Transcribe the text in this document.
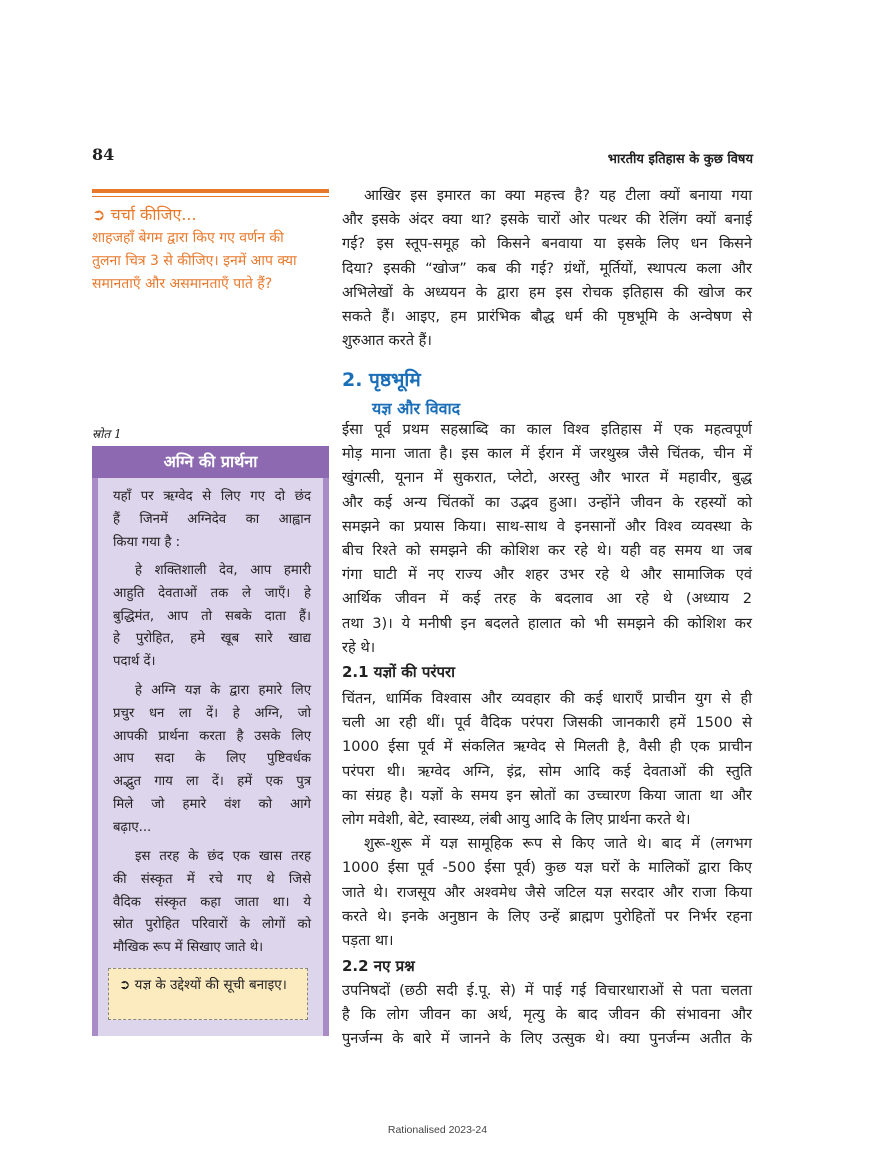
84	भारतीय इतिहास के कुछ विषय
➲ चर्चा कीजिए...
शाहजहाँ बेगम द्वारा किए गए वर्णन की
तुलना चित्र 3 से कीजिए। इनमें आप क्या
समानताएँ और असमानताएँ पाते हैं?
आखिर इस इमारत का क्या महत्त्व है? यह टीला क्यों बनाया गया
और इसके अंदर क्या था? इसके चारों ओर पत्थर की रेलिंग क्यों बनाई
गई? इस स्तूप-समूह को किसने बनवाया या इसके लिए धन किसने
दिया? इसकी “खोज” कब की गई? ग्रंथों, मूर्तियों, स्थापत्य कला और
अभिलेखों के अध्ययन के द्वारा हम इस रोचक इतिहास की खोज कर
सकते हैं। आइए, हम प्रारंभिक बौद्ध धर्म की पृष्ठभूमि के अन्वेषण से
शुरुआत करते हैं।
2. पृष्ठभूमि
यज्ञ और विवाद
ईसा पूर्व प्रथम सहस्राब्दि का काल विश्व इतिहास में एक महत्वपूर्ण
मोड़ माना जाता है। इस काल में ईरान में जरथुस्त्र जैसे चिंतक, चीन में
खुंगत्सी, यूनान में सुकरात, प्लेटो, अरस्तु और भारत में महावीर, बुद्ध
और कई अन्य चिंतकों का उद्भव हुआ। उन्होंने जीवन के रहस्यों को
समझने का प्रयास किया। साथ-साथ वे इनसानों और विश्व व्यवस्था के
बीच रिश्ते को समझने की कोशिश कर रहे थे। यही वह समय था जब
गंगा घाटी में नए राज्य और शहर उभर रहे थे और सामाजिक एवं
आर्थिक जीवन में कई तरह के बदलाव आ रहे थे (अध्याय 2
तथा 3)। ये मनीषी इन बदलते हालात को भी समझने की कोशिश कर
रहे थे।
2.1 यज्ञों की परंपरा
चिंतन, धार्मिक विश्वास और व्यवहार की कई धाराएँ प्राचीन युग से ही
चली आ रही थीं। पूर्व वैदिक परंपरा जिसकी जानकारी हमें 1500 से
1000 ईसा पूर्व में संकलित ऋग्वेद से मिलती है, वैसी ही एक प्राचीन
परंपरा थी। ऋग्वेद अग्नि, इंद्र, सोम आदि कई देवताओं की स्तुति
का संग्रह है। यज्ञों के समय इन स्रोतों का उच्चारण किया जाता था और
लोग मवेशी, बेटे, स्वास्थ्य, लंबी आयु आदि के लिए प्रार्थना करते थे।
शुरू-शुरू में यज्ञ सामूहिक रूप से किए जाते थे। बाद में (लगभग
1000 ईसा पूर्व -500 ईसा पूर्व) कुछ यज्ञ घरों के मालिकों द्वारा किए
जाते थे। राजसूय और अश्वमेध जैसे जटिल यज्ञ सरदार और राजा किया
करते थे। इनके अनुष्ठान के लिए उन्हें ब्राह्मण पुरोहितों पर निर्भर रहना
पड़ता था।
2.2 नए प्रश्न
उपनिषदों (छठी सदी ई.पू. से) में पाई गई विचारधाराओं से पता चलता
है कि लोग जीवन का अर्थ, मृत्यु के बाद जीवन की संभावना और
पुनर्जन्म के बारे में जानने के लिए उत्सुक थे। क्या पुनर्जन्म अतीत के
स्रोत 1
अग्नि की प्रार्थना
यहाँ पर ऋग्वेद से लिए गए दो छंद
हैं जिनमें अग्निदेव का आह्वान
किया गया है :
हे शक्तिशाली देव, आप हमारी
आहुति देवताओं तक ले जाएँ। हे
बुद्धिमंत, आप तो सबके दाता हैं।
हे पुरोहित, हमे खूब सारे खाद्य
पदार्थ दें।
हे अग्नि यज्ञ के द्वारा हमारे लिए
प्रचुर धन ला दें। हे अग्नि, जो
आपकी प्रार्थना करता है उसके लिए
आप सदा के लिए पुष्टिवर्धक
अद्भुत गाय ला दें। हमें एक पुत्र
मिले जो हमारे वंश को आगे
बढ़ाए...
इस तरह के छंद एक खास तरह
की संस्कृत में रचे गए थे जिसे
वैदिक संस्कृत कहा जाता था। ये
स्रोत पुरोहित परिवारों के लोगों को
मौखिक रूप में सिखाए जाते थे।
➲ यज्ञ के उद्देश्यों की सूची बनाइए।
Rationalised 2023-24
